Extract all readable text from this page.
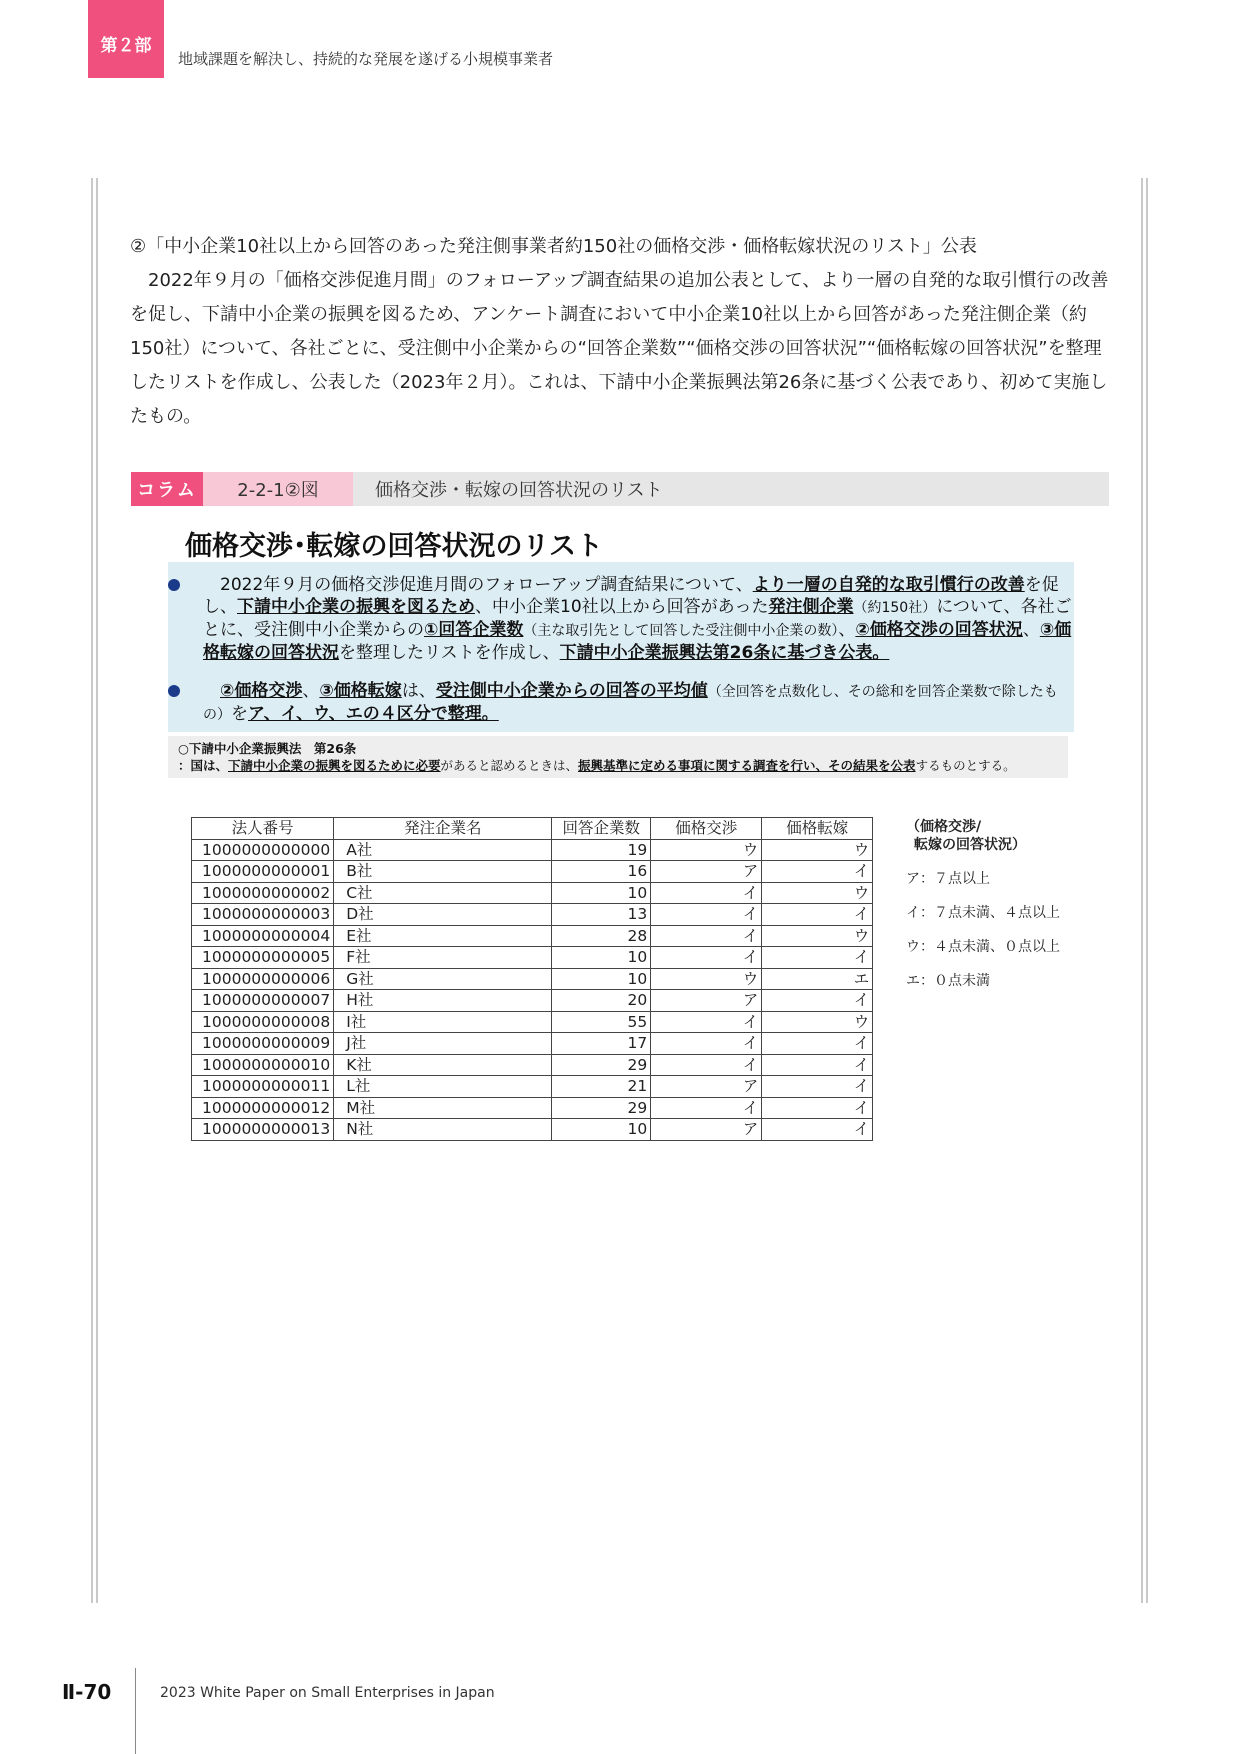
第２部
地域課題を解決し、持続的な発展を遂げる小規模事業者

②「中小企業10社以上から回答のあった発注側事業者約150社の価格交渉・価格転嫁状況のリスト」公表

2022年９月の「価格交渉促進月間」のフォローアップ調査結果の追加公表として、より一層の自発的な取引慣行の改善を促し、下請中小企業の振興を図るため、アンケート調査において中小企業10社以上から回答があった発注側企業（約150社）について、各社ごとに、受注側中小企業からの“回答企業数”“価格交渉の回答状況”“価格転嫁の回答状況”を整理したリストを作成し、公表した（2023年２月）。これは、下請中小企業振興法第26条に基づく公表であり、初めて実施したもの。

コラム	2-2-1②図	価格交渉・転嫁の回答状況のリスト
価格交渉･転嫁の回答状況のリスト
2022年９月の価格交渉促進月間のフォローアップ調査結果について、より一層の自発的な取引慣行の改善を促し、下請中小企業の振興を図るため、中小企業10社以上から回答があった発注側企業（約150社）について、各社ごとに、受注側中小企業からの①回答企業数（主な取引先として回答した受注側中小企業の数）、②価格交渉の回答状況、③価格転嫁の回答状況を整理したリストを作成し、下請中小企業振興法第26条に基づき公表。
②価格交渉、③価格転嫁は、受注側中小企業からの回答の平均値（全回答を点数化し、その総和を回答企業数で除したもの）をア、イ、ウ、エの４区分で整理。
○下請中小企業振興法　第26条
：国は、下請中小企業の振興を図るために必要があると認めるときは、振興基準に定める事項に関する調査を行い、その結果を公表するものとする。
法人番号	発注企業名	回答企業数	価格交渉	価格転嫁
1000000000000	A社	19	ウ	ウ
1000000000001	B社	16	ア	イ
1000000000002	C社	10	イ	ウ
1000000000003	D社	13	イ	イ
1000000000004	E社	28	イ	ウ
1000000000005	F社	10	イ	イ
1000000000006	G社	10	ウ	エ
1000000000007	H社	20	ア	イ
1000000000008	I社	55	イ	ウ
1000000000009	J社	17	イ	イ
1000000000010	K社	29	イ	イ
1000000000011	L社	21	ア	イ
1000000000012	M社	29	イ	イ
1000000000013	N社	10	ア	イ
（価格交渉/
転嫁の回答状況）
ア：７点以上
イ：７点未満、４点以上
ウ：４点未満、０点以上
エ：０点未満
Ⅱ-70	2023 White Paper on Small Enterprises in Japan
